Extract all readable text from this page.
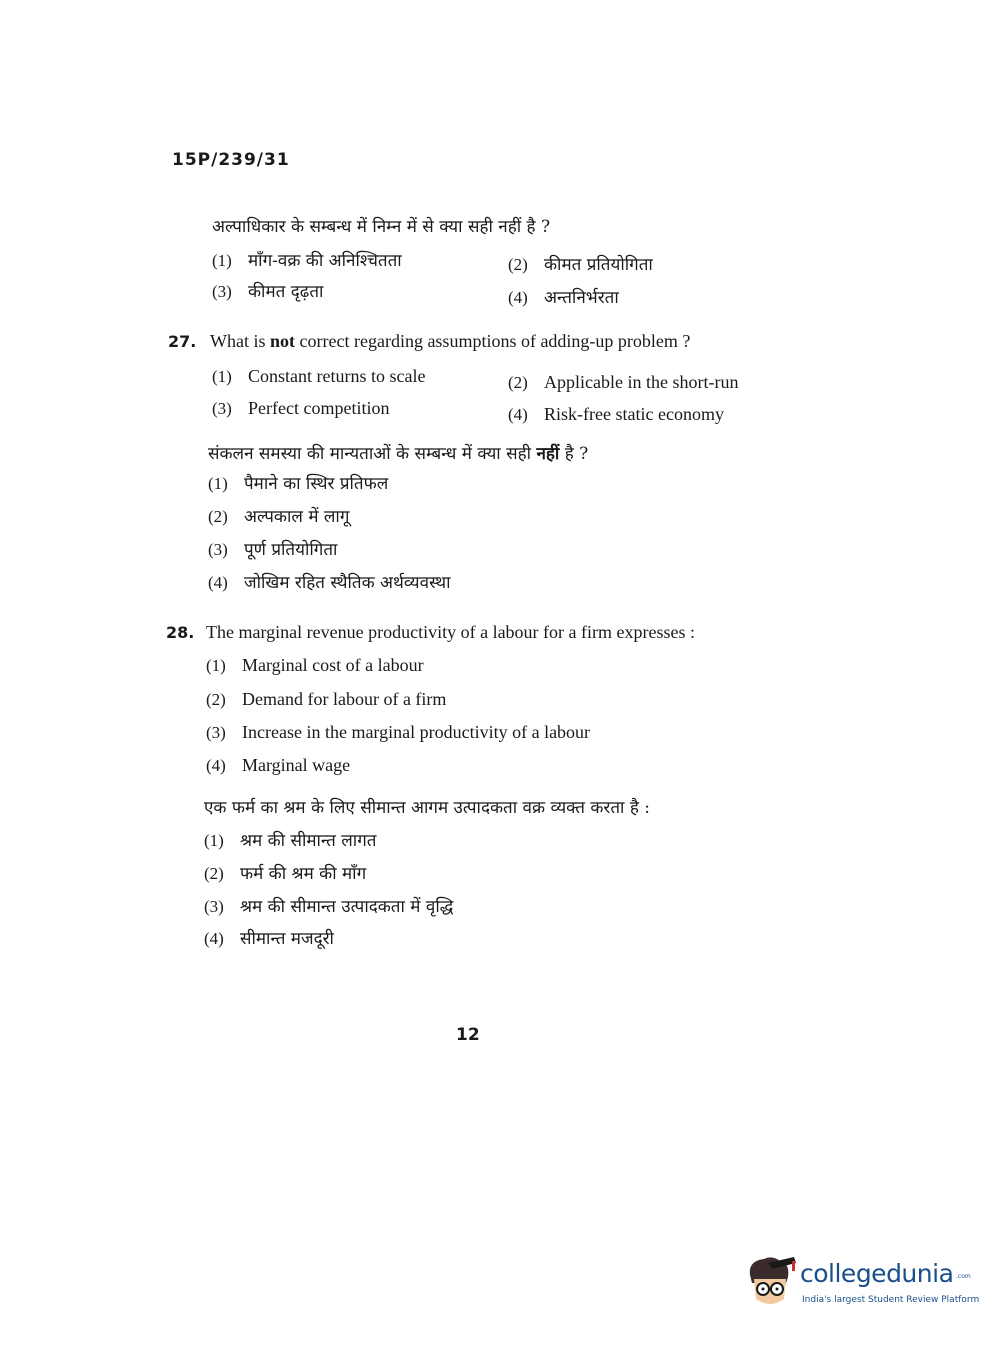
15P/239/31
अल्पाधिकार के सम्बन्ध में निम्न में से क्या सही नहीं है ?
(1) माँग-वक्र की अनिश्चितता	(2) कीमत प्रतियोगिता
(3) कीमत दृढ़ता	(4) अन्तनिर्भरता
27. What is not correct regarding assumptions of adding-up problem ?
(1) Constant returns to scale	(2) Applicable in the short-run
(3) Perfect competition	(4) Risk-free static economy
संकलन समस्या की मान्यताओं के सम्बन्ध में क्या सही नहीं है ?
(1) पैमाने का स्थिर प्रतिफल
(2) अल्पकाल में लागू
(3) पूर्ण प्रतियोगिता
(4) जोखिम रहित स्थैतिक अर्थव्यवस्था
28. The marginal revenue productivity of a labour for a firm expresses :
(1) Marginal cost of a labour
(2) Demand for labour of a firm
(3) Increase in the marginal productivity of a labour
(4) Marginal wage
एक फर्म का श्रम के लिए सीमान्त आगम उत्पादकता वक्र व्यक्त करता है :
(1) श्रम की सीमान्त लागत
(2) फर्म की श्रम की माँग
(3) श्रम की सीमान्त उत्पादकता में वृद्धि
(4) सीमान्त मजदूरी
12
collegedunia .com
India's largest Student Review Platform
